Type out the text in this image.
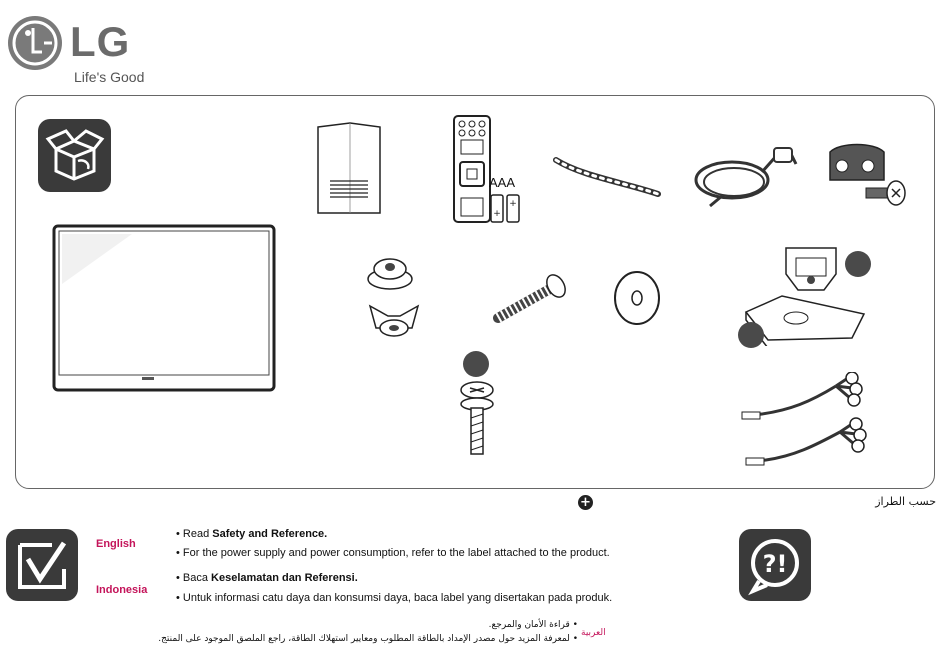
LG
Life's Good
AAA
+
+
+	حسب الطراز
English
• Read Safety and Reference.
• For the power supply and power consumption, refer to the label attached to the product.
Indonesia
• Baca Keselamatan dan Referensi.
• Untuk informasi catu daya dan konsumsi daya, baca label yang disertakan pada produk.
العربية
• قراءة الأمان والمرجع.
• لمعرفة المزيد حول مصدر الإمداد بالطاقة المطلوب ومعايير استهلاك الطاقة، راجع الملصق الموجود على المنتج.
?!
